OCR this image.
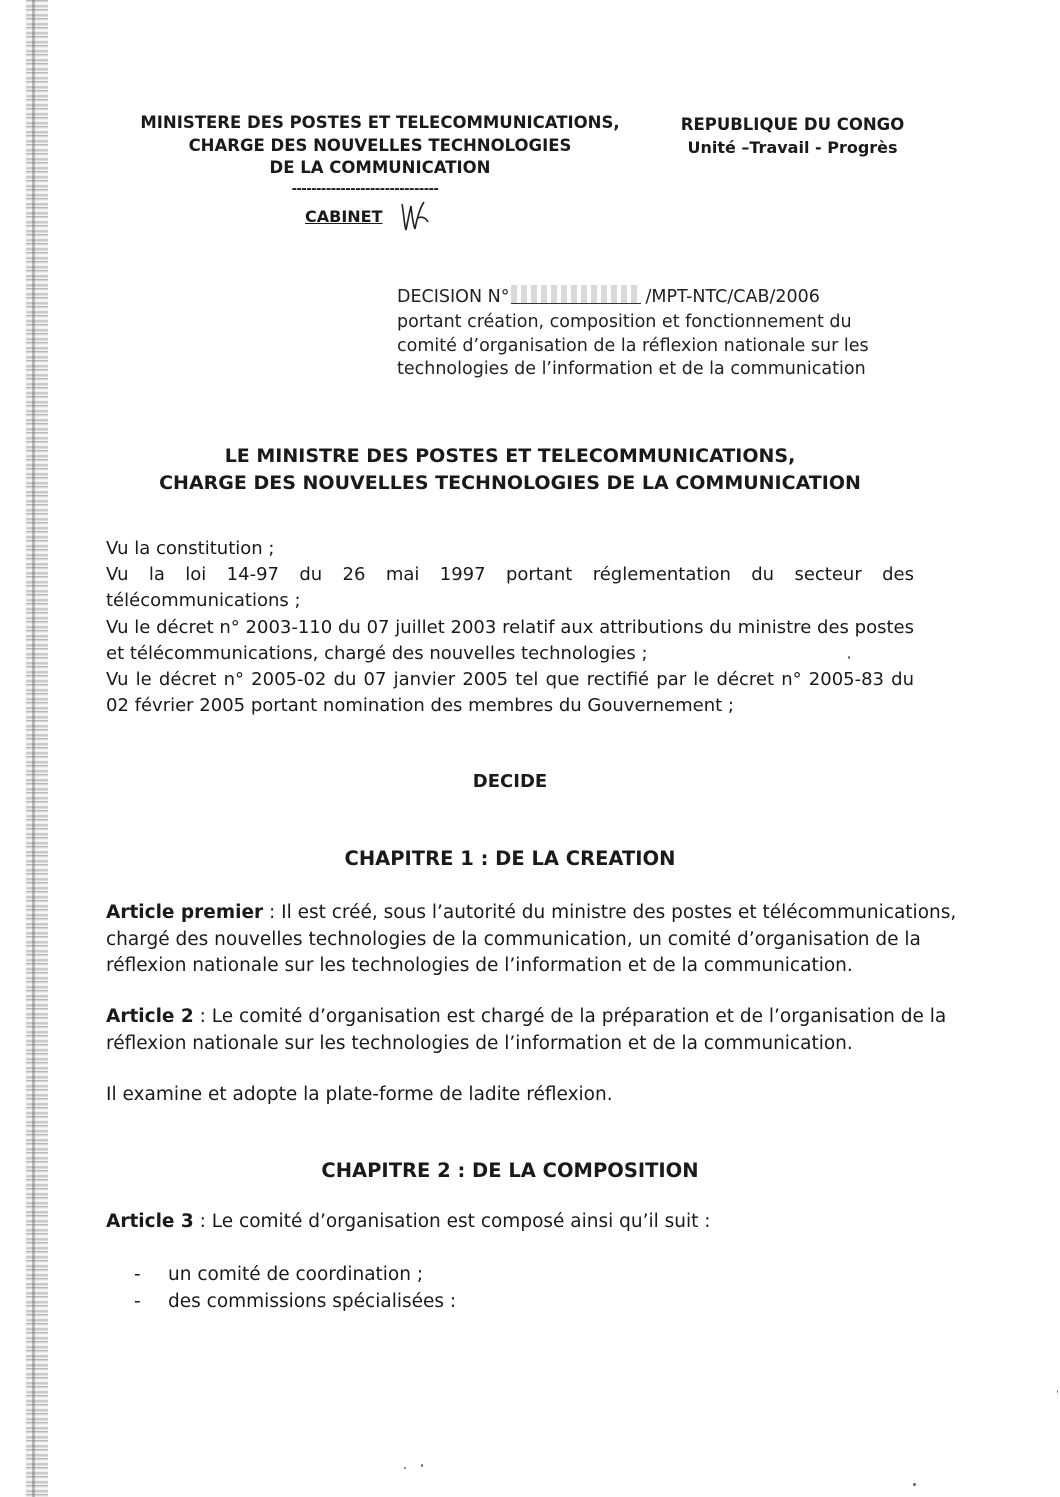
MINISTERE DES POSTES ET TELECOMMUNICATIONS,
CHARGE DES NOUVELLES TECHNOLOGIES
DE LA COMMUNICATION
------------------------------
CABINET
REPUBLIQUE DU CONGO
Unité –Travail - Progrès
DECISION N°	/MPT-NTC/CAB/2006
portant création, composition et fonctionnement du
comité d’organisation de la réflexion nationale sur les
technologies de l’information et de la communication
LE MINISTRE DES POSTES ET TELECOMMUNICATIONS,
CHARGE DES NOUVELLES TECHNOLOGIES DE LA COMMUNICATION

Vu la constitution ;

Vu la loi 14-97 du 26 mai 1997 portant réglementation du secteur des télécommunications ;

Vu le décret n° 2003-110 du 07 juillet 2003 relatif aux attributions du ministre des postes et télécommunications, chargé des nouvelles technologies ;

Vu le décret n° 2005-02 du 07 janvier 2005 tel que rectifié par le décret n° 2005-83 du 02 février 2005 portant nomination des membres du Gouvernement ;

DECIDE
CHAPITRE 1 : DE LA CREATION

Article premier : Il est créé, sous l’autorité du ministre des postes et télécommunications, chargé des nouvelles technologies de la communication, un comité d’organisation de la réflexion nationale sur les technologies de l’information et de la communication.

Article 2 : Le comité d’organisation est chargé de la préparation et de l’organisation de la réflexion nationale sur les technologies de l’information et de la communication.

Il examine et adopte la plate-forme de ladite réflexion.

CHAPITRE 2 : DE LA COMPOSITION

Article 3 : Le comité d’organisation est composé ainsi qu’il suit :

-	un comité de coordination ;
-	des commissions spécialisées :
